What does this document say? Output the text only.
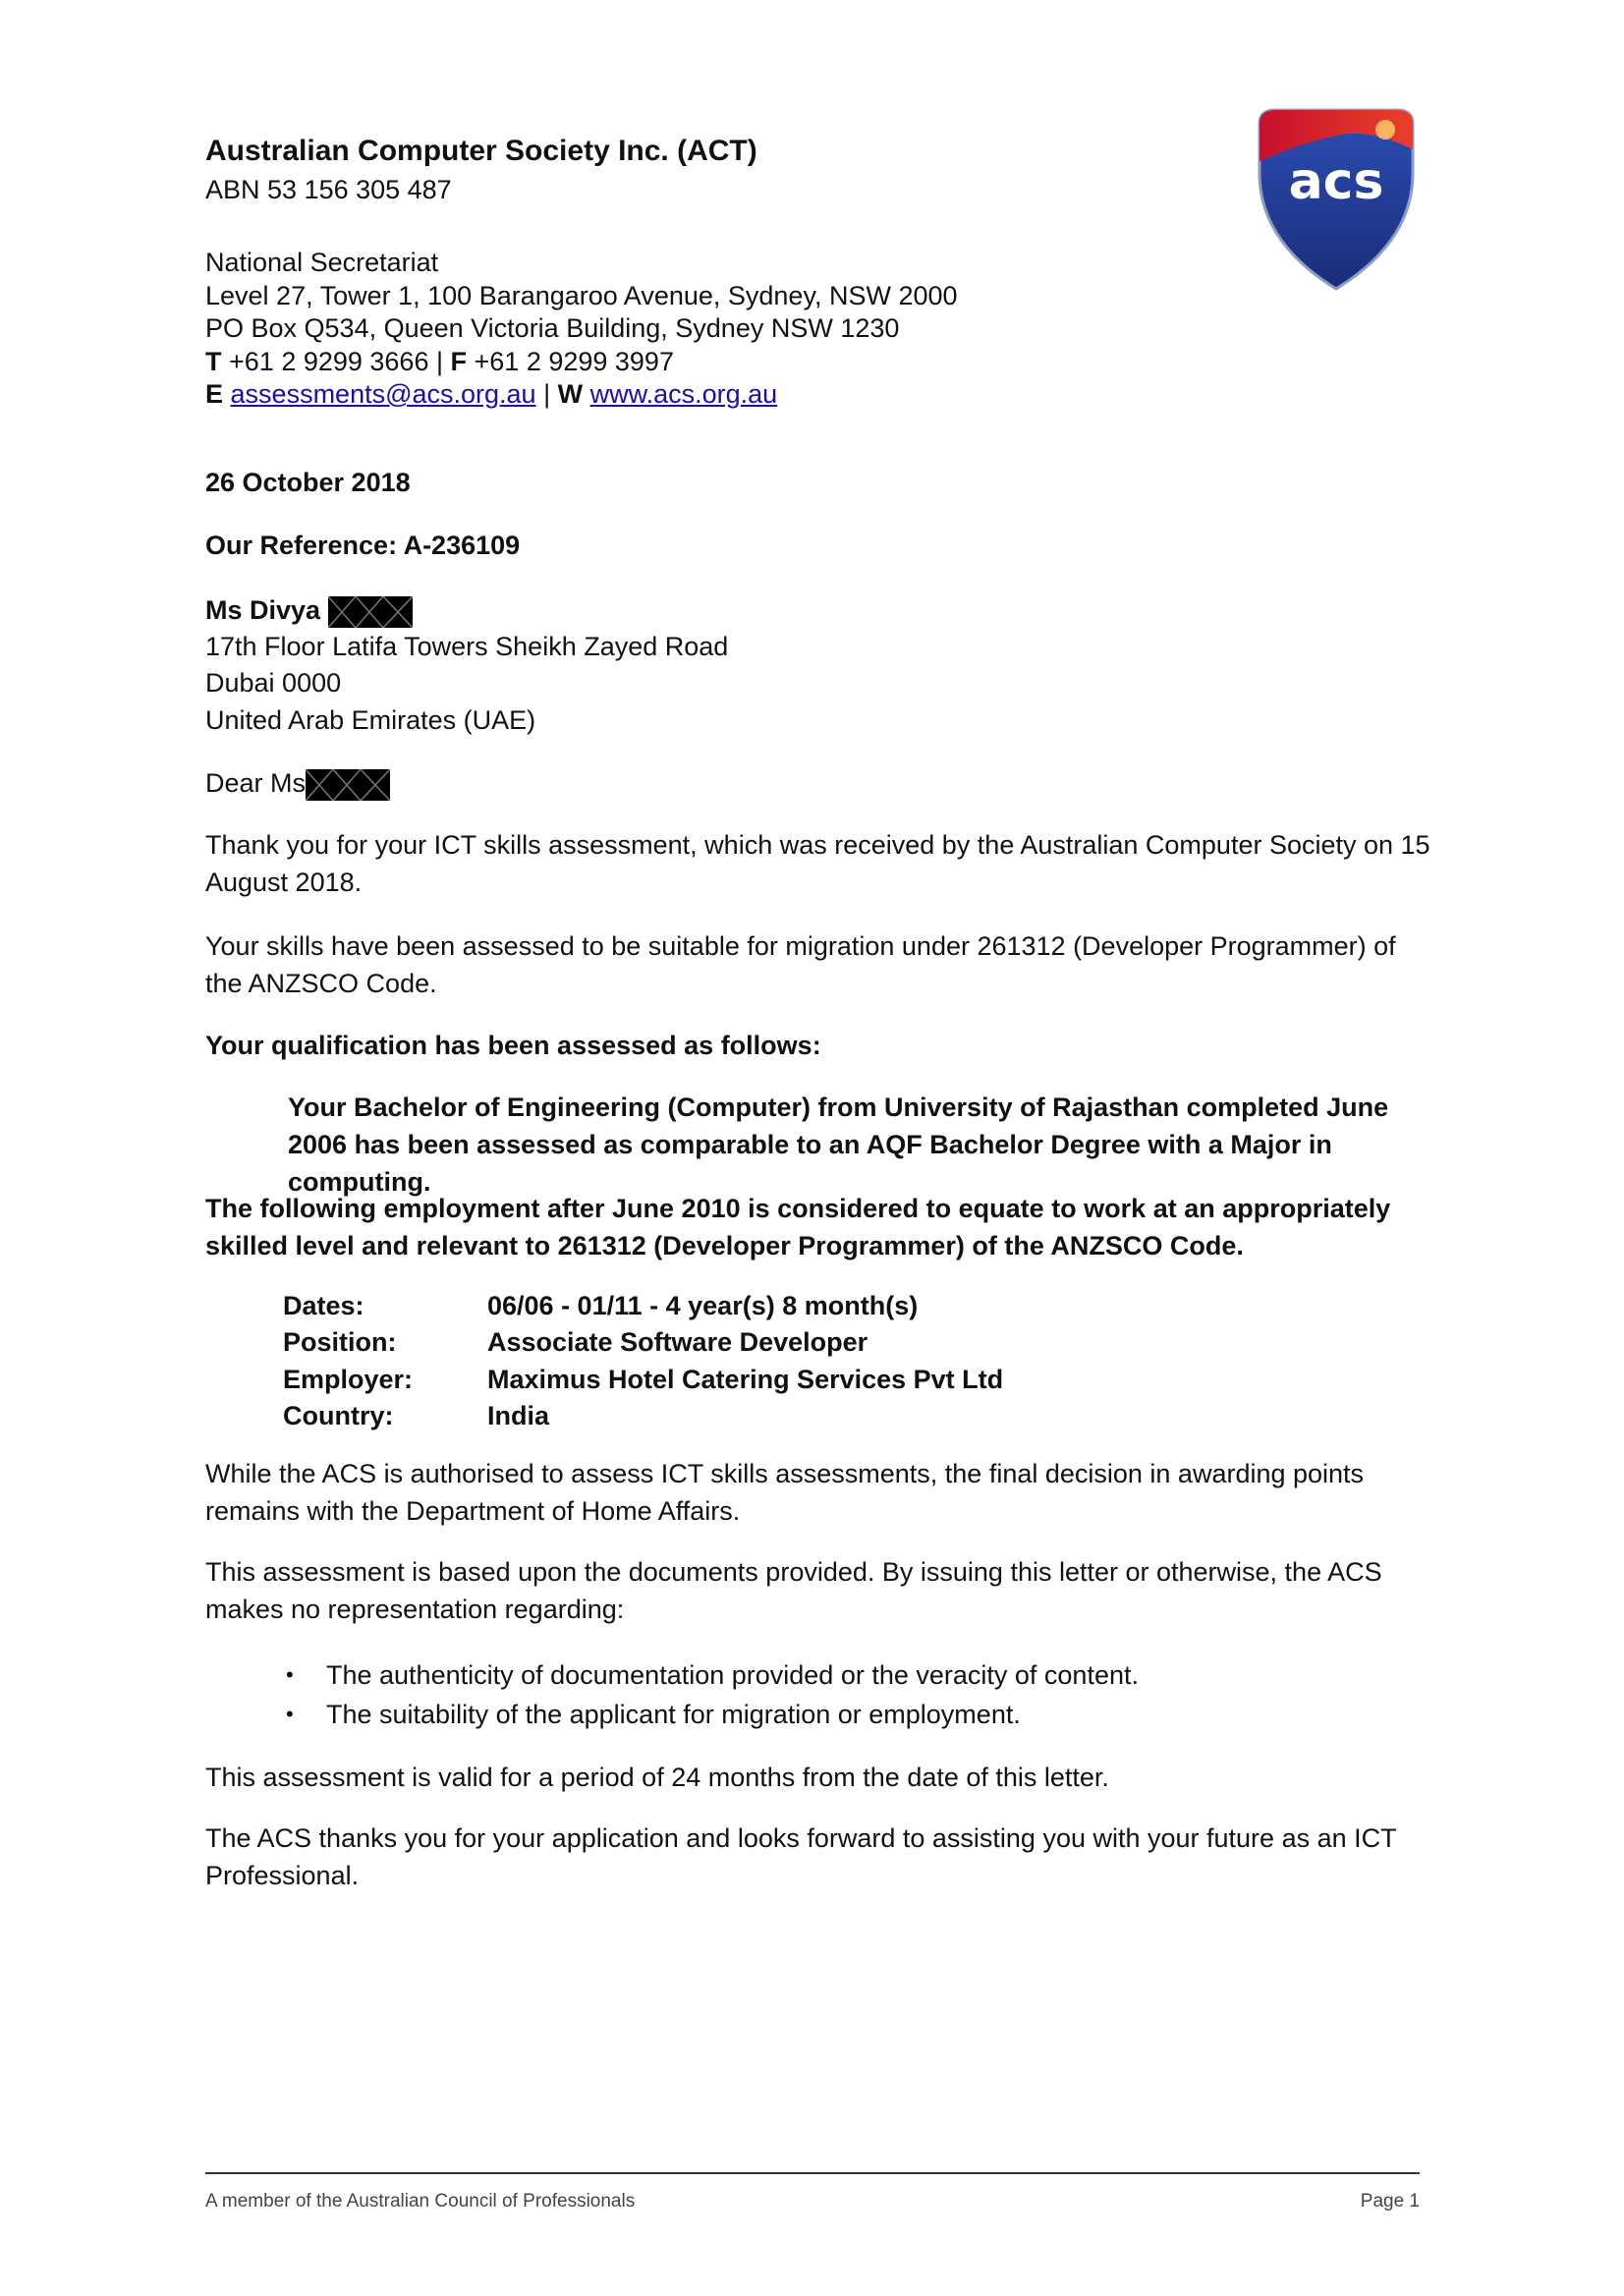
acs
Australian Computer Society Inc. (ACT)
ABN 53 156 305 487
National Secretariat
Level 27, Tower 1, 100 Barangaroo Avenue, Sydney, NSW 2000
PO Box Q534, Queen Victoria Building, Sydney NSW 1230
T +61 2 9299 3666 | F +61 2 9299 3997
E assessments@acs.org.au | W www.acs.org.au
26 October 2018
Our Reference: A-236109
Ms Divya
17th Floor Latifa Towers Sheikh Zayed Road
Dubai 0000
United Arab Emirates (UAE)
Dear Ms
Thank you for your ICT skills assessment, which was received by the Australian Computer Society on 15 August 2018.
Your skills have been assessed to be suitable for migration under 261312 (Developer Programmer) of the ANZSCO Code.
Your qualification has been assessed as follows:
Your Bachelor of Engineering (Computer) from University of Rajasthan completed June 2006 has been assessed as comparable to an AQF Bachelor Degree with a Major in computing.
The following employment after June 2010 is considered to equate to work at an appropriately skilled level and relevant to 261312 (Developer Programmer) of the ANZSCO Code.
Dates:	06/06 - 01/11 - 4 year(s) 8 month(s)
Position:	Associate Software Developer
Employer:	Maximus Hotel Catering Services Pvt Ltd
Country:	India
While the ACS is authorised to assess ICT skills assessments, the final decision in awarding points remains with the Department of Home Affairs.
This assessment is based upon the documents provided. By issuing this letter or otherwise, the ACS makes no representation regarding:
• The authenticity of documentation provided or the veracity of content.
• The suitability of the applicant for migration or employment.
This assessment is valid for a period of 24 months from the date of this letter.
The ACS thanks you for your application and looks forward to assisting you with your future as an ICT Professional.
A member of the Australian Council of Professionals	Page 1
